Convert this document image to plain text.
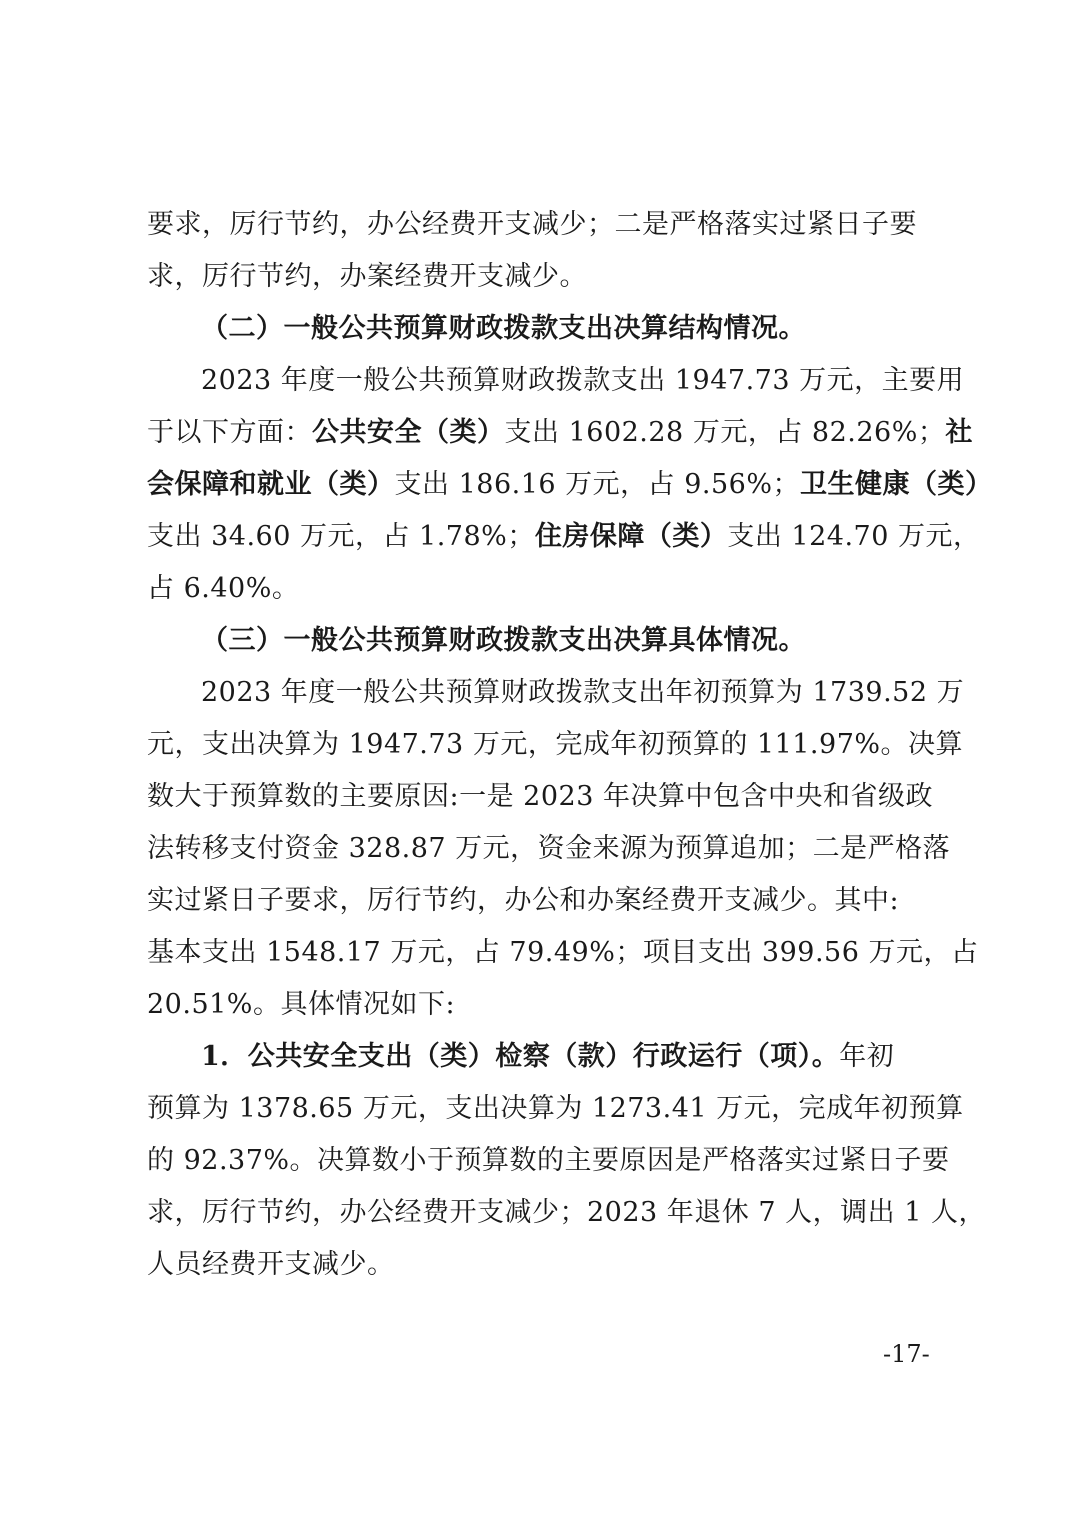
要求，厉行节约，办公经费开支减少；二是严格落实过紧日子要
求，厉行节约，办案经费开支减少。
（二）一般公共预算财政拨款支出决算结构情况。
2023 年度一般公共预算财政拨款支出 1947.73 万元，主要用
于以下方面：公共安全（类）支出 1602.28 万元，占 82.26%；社
会保障和就业（类）支出 186.16 万元，占 9.56%；卫生健康（类）
支出 34.60 万元，占 1.78%；住房保障（类）支出 124.70 万元，
占 6.40%。
（三）一般公共预算财政拨款支出决算具体情况。
2023 年度一般公共预算财政拨款支出年初预算为 1739.52 万
元，支出决算为 1947.73 万元，完成年初预算的 111.97%。决算
数大于预算数的主要原因:一是 2023 年决算中包含中央和省级政
法转移支付资金 328.87 万元，资金来源为预算追加；二是严格落
实过紧日子要求，厉行节约，办公和办案经费开支减少。其中:
基本支出 1548.17 万元，占 79.49%；项目支出 399.56 万元，占
20.51%。具体情况如下:
1．公共安全支出（类）检察（款）行政运行（项）。年初
预算为 1378.65 万元，支出决算为 1273.41 万元，完成年初预算
的 92.37%。决算数小于预算数的主要原因是严格落实过紧日子要
求，厉行节约，办公经费开支减少；2023 年退休 7 人，调出 1 人，
人员经费开支减少。
-17-
